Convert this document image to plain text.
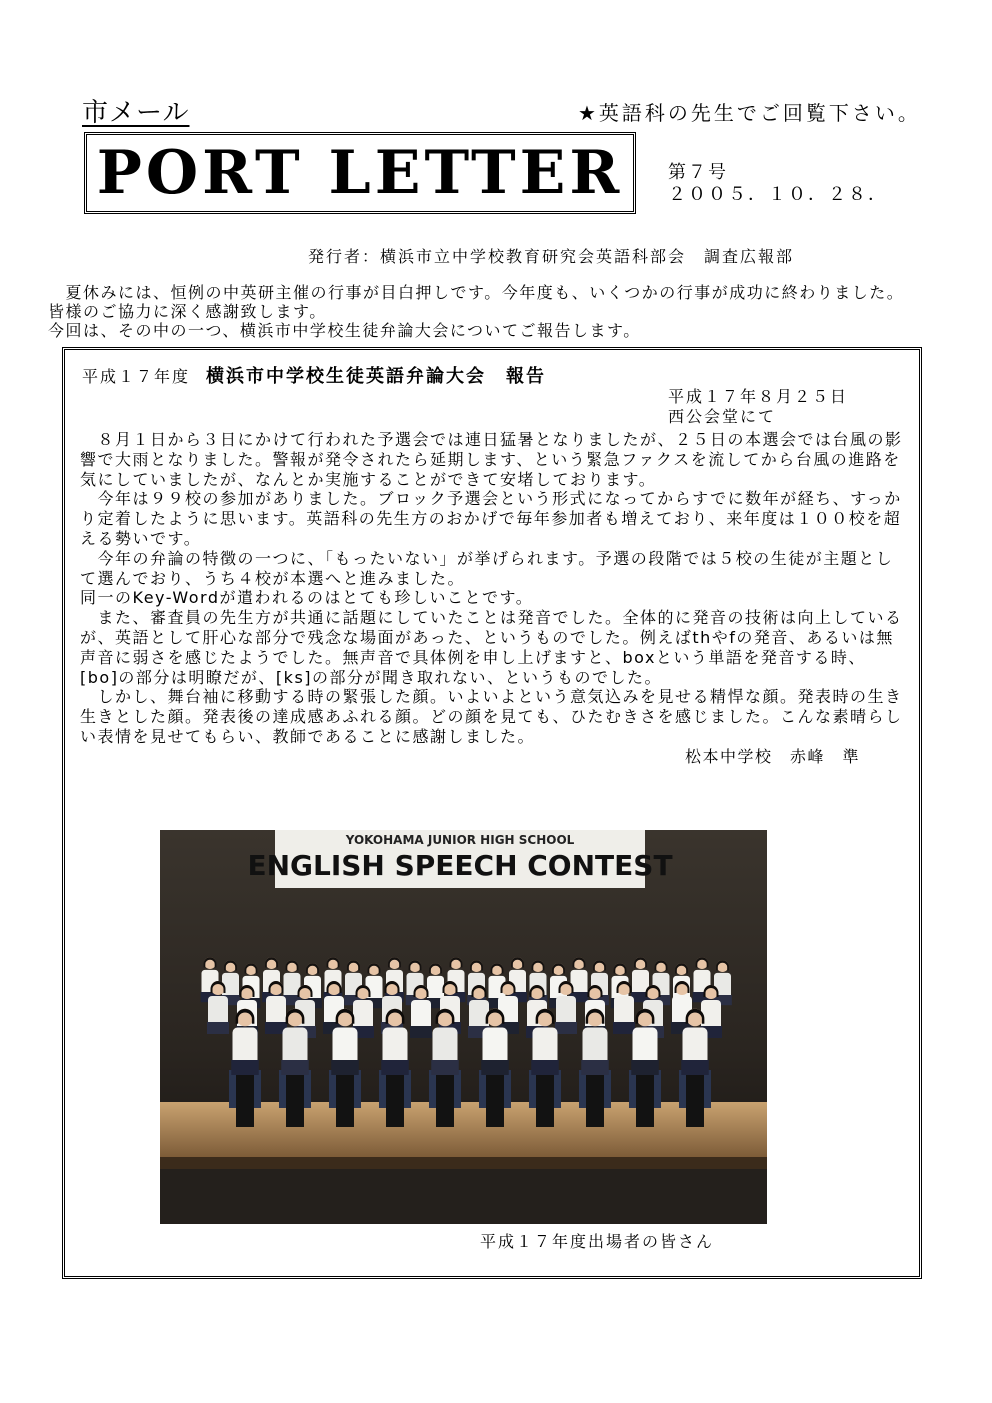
市メール	★英語科の先生でご回覧下さい。
PORT LETTER	第７号
２００５．１０．２８．
発行者：横浜市立中学校教育研究会英語科部会　調査広報部

　夏休みには、恒例の中英研主催の行事が目白押しです。今年度も、いくつかの行事が成功に終わりました。皆様のご協力に深く感謝致します。

今回は、その中の一つ、横浜市中学校生徒弁論大会についてご報告します。

平成１７年度 横浜市中学校生徒英語弁論大会　報告
平成１７年８月２５日
西公会堂にて

　８月１日から３日にかけて行われた予選会では連日猛暑となりましたが、２５日の本選会では台風の影響で大雨となりました。警報が発令されたら延期します、という緊急ファクスを流してから台風の進路を気にしていましたが、なんとか実施することができて安堵しております。

　今年は９９校の参加がありました。ブロック予選会という形式になってからすでに数年が経ち、すっかり定着したように思います。英語科の先生方のおかげで毎年参加者も増えており、来年度は１００校を超える勢いです。

　今年の弁論の特徴の一つに、「もったいない」が挙げられます。予選の段階では５校の生徒が主題として選んでおり、うち４校が本選へと進みました。

同一のKey-Wordが遣われるのはとても珍しいことです。

　また、審査員の先生方が共通に話題にしていたことは発音でした。全体的に発音の技術は向上しているが、英語として肝心な部分で残念な場面があった、というものでした。例えばthやfの発音、あるいは無声音に弱さを感じたようでした。無声音で具体例を申し上げますと、boxという単語を発音する時、[bo]の部分は明瞭だが、[ks]の部分が聞き取れない、というものでした。

　しかし、舞台袖に移動する時の緊張した顔。いよいよという意気込みを見せる精悍な顔。発表時の生き生きとした顔。発表後の達成感あふれる顔。どの顔を見ても、ひたむきさを感じました。こんな素晴らしい表情を見せてもらい、教師であることに感謝しました。

松本中学校　赤峰　準
YOKOHAMA JUNIOR HIGH SCHOOL
ENGLISH SPEECH CONTEST
平成１７年度出場者の皆さん
